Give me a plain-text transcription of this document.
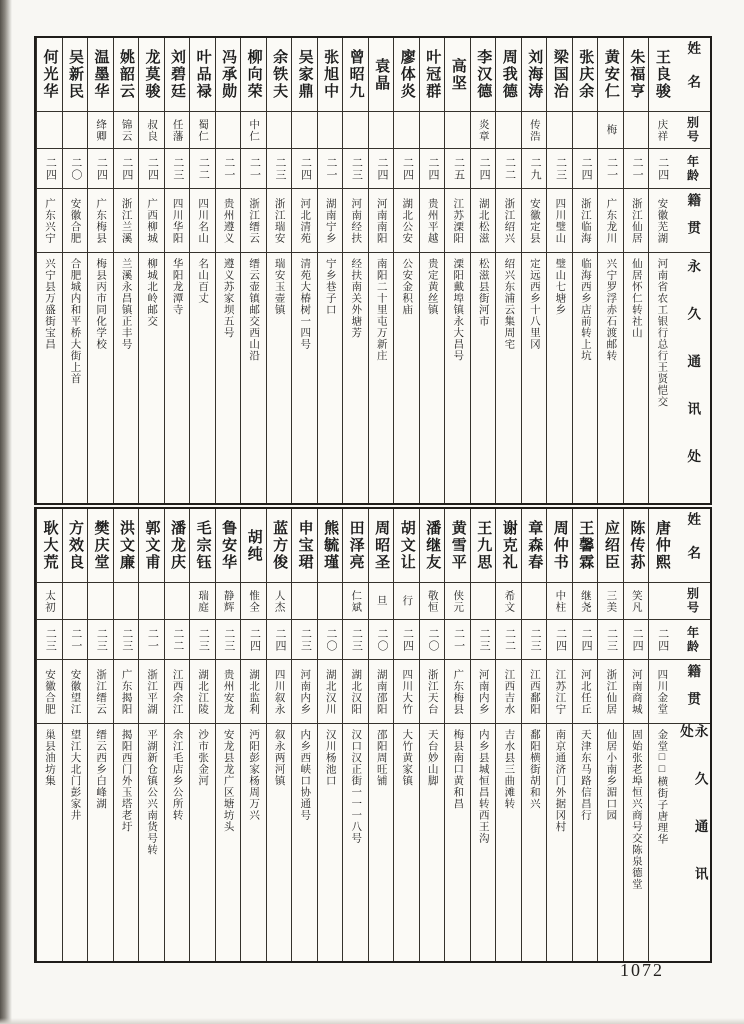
姓名
别号
年龄
籍贯
永久通讯处
王良骏
庆祥
二四
安徽芜湖
河南省农工银行总行王贤恺交
朱福亨
二一
浙江仙居
仙居怀仁转社山
黄安仁
梅
二一
广东龙川
兴宁罗浮赤石渡邮转
张庆余
二四
浙江临海
临海西乡店前转上坑
梁国治
二三
四川璧山
璧山七塘乡
刘海涛
传浩
二九
安徽定县
定远西乡十八里冈
周我德
二二
浙江绍兴
绍兴东浦云集周宅
李汉德
炎章
二四
湖北松滋
松滋县街河市
高坚
二五
江苏溧阳
溧阳戴埠镇永大昌号
叶冠群
二四
贵州平越
贵定黄丝镇
廖体炎
二四
湖北公安
公安金积庙
袁晶
二四
河南南阳
南阳二十里屯万新庄
曾昭九
二三
河南经扶
经扶南关外塘芳
张旭中
二一
湖南宁乡
宁乡巷子口
吴家鼎
二四
河北清苑
清苑大椿树一四号
余铁夫
二三
浙江瑞安
瑞安玉壶镇
柳向荣
中仁
二一
浙江缙云
缙云壶镇邮交西山沿
冯承勋
二一
贵州遵义
遵义苏家坝五号
叶品禄
蜀仁
二二
四川名山
名山百丈
刘碧廷
任藩
二三
四川华阳
华阳龙潭寺
龙莫骏
叔良
二四
广西柳城
柳城北岭邮交
姚韶云
锦云
二四
浙江兰溪
兰溪永昌镇正丰号
温墨华
绛卿
二四
广东梅县
梅县丙市同化学校
吴新民
二〇
安徽合肥
合肥城内和平桥大街上首
何光华
二四
广东兴宁
兴宁县万盛街宝昌
姓名
别号
年龄
籍贯
永久通讯处
唐仲熙
二四
四川金堂
金堂□□横街子唐理华
陈传荪
笑凡
二四
河南商城
固始张老埠恒兴商号交陈泉德堂
应绍臣
三美
二三
浙江仙居
仙居小南乡湄口园
王馨霖
继尧
二四
河北任丘
天津东马路信昌行
周仲书
中柱
二四
江苏江宁
南京通济门外据冈村
章森春
二三
江西鄱阳
鄱阳横街胡和兴
谢克礼
希文
二二
江西吉水
吉水县三曲滩转
王九思
二三
河南内乡
内乡县城恒昌转西王沟
黄雪平
侠元
二一
广东梅县
梅县南口黄和昌
潘继友
敬恒
二〇
浙江天台
天台妙山脚
胡文让
行
二四
四川大竹
大竹黄家镇
周昭圣
旦
二〇
湖南邵阳
邵阳周旺铺
田泽亮
仁斌
二三
湖北汉阳
汉口汉正街一一一八号
熊毓瑾
二〇
湖北汉川
汉川杨池口
申宝珺
二三
河南内乡
内乡西峡口协通号
蓝方俊
人杰
二四
四川叙永
叙永两河镇
胡纯
惟全
二四
湖北监利
沔阳彭家杨周万兴
鲁安华
静辉
二三
贵州安龙
安龙县龙广区塘坊头
毛宗钰
瑞庭
二三
湖北江陵
沙市张金河
潘龙庆
二二
江西余江
余江毛店乡公所转
郭文甫
二一
浙江平湖
平湖新仓镇公兴南货号转
洪文廉
二三
广东揭阳
揭阳西门外玉塔老圩
樊庆堂
二三
浙江缙云
缙云西乡白峰湖
方效良
二一
安徽望江
望江大北门彭家井
耿大荒
太初
二三
安徽合肥
巢县油坊集
1072
